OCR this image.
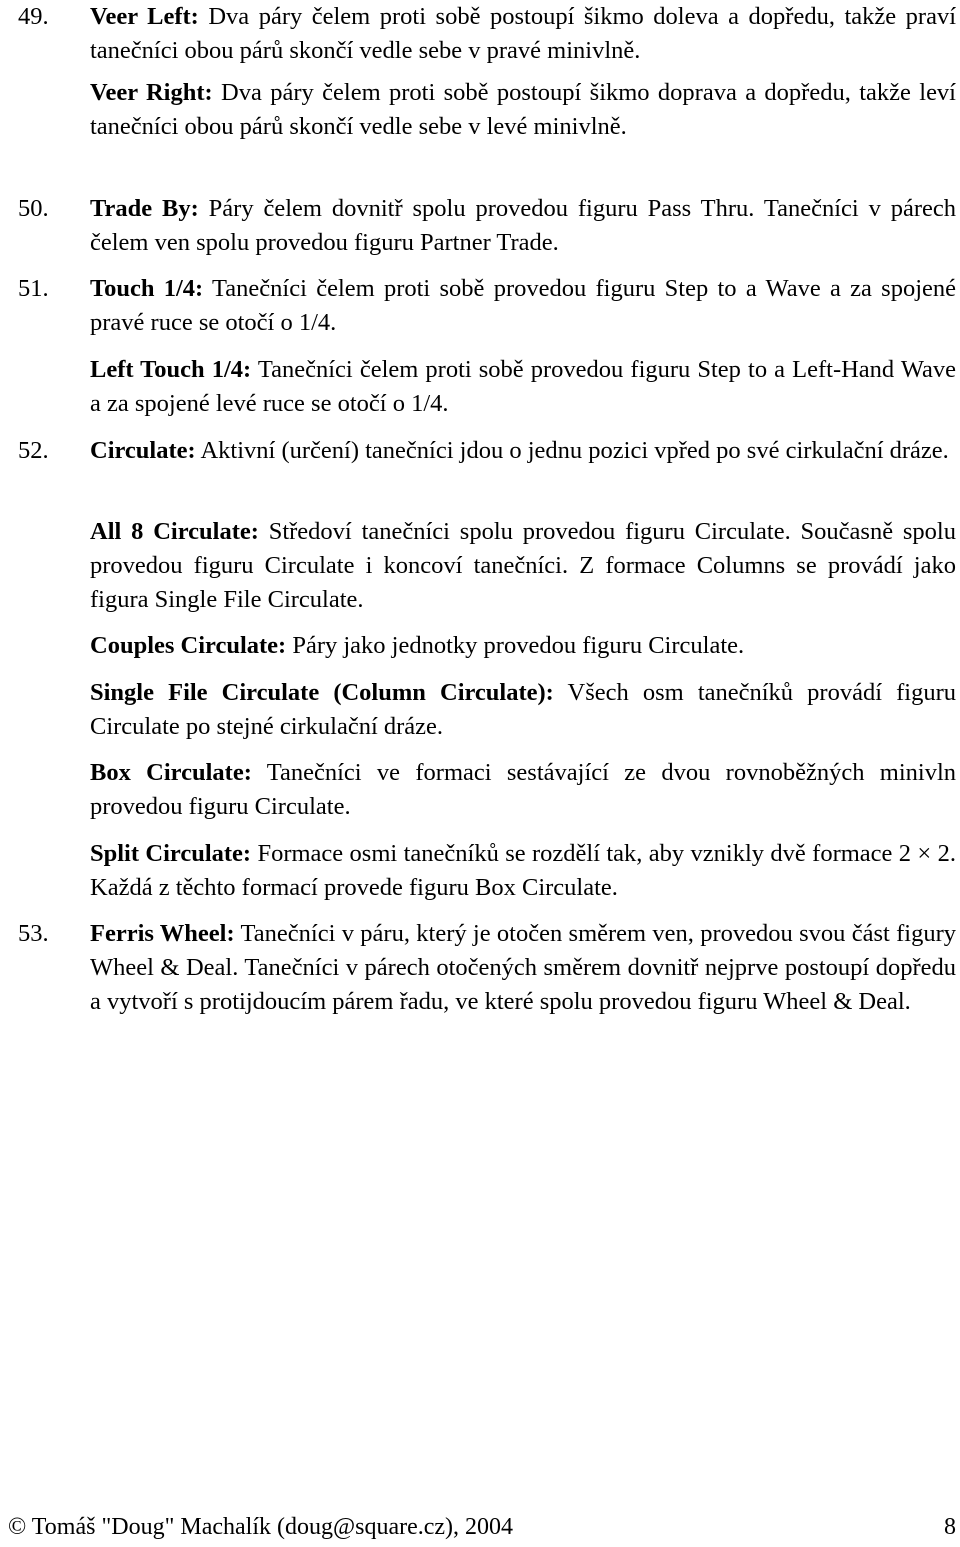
49. Veer Left: Dva páry čelem proti sobě postoupí šikmo doleva a dopředu, takže praví tanečníci obou párů skončí vedle sebe v pravé minivlně.
Veer Right: Dva páry čelem proti sobě postoupí šikmo doprava a dopředu, takže leví tanečníci obou párů skončí vedle sebe v levé minivlně.
50. Trade By: Páry čelem dovnitř spolu provedou figuru Pass Thru. Tanečníci v párech čelem ven spolu provedou figuru Partner Trade.
51. Touch 1/4: Tanečníci čelem proti sobě provedou figuru Step to a Wave a za spojené pravé ruce se otočí o 1/4.
Left Touch 1/4: Tanečníci čelem proti sobě provedou figuru Step to a Left-Hand Wave a za spojené levé ruce se otočí o 1/4.
52. Circulate: Aktivní (určení) tanečníci jdou o jednu pozici vpřed po své cirkulační dráze.
All 8 Circulate: Středoví tanečníci spolu provedou figuru Circulate. Současně spolu provedou figuru Circulate i koncoví tanečníci. Z formace Columns se provádí jako figura Single File Circulate.
Couples Circulate: Páry jako jednotky provedou figuru Circulate.
Single File Circulate (Column Circulate): Všech osm tanečníků provádí figuru Circulate po stejné cirkulační dráze.
Box Circulate: Tanečníci ve formaci sestávající ze dvou rovnoběžných minivln provedou figuru Circulate.
Split Circulate: Formace osmi tanečníků se rozdělí tak, aby vznikly dvě formace 2 × 2. Každá z těchto formací provede figuru Box Circulate.
53. Ferris Wheel: Tanečníci v páru, který je otočen směrem ven, provedou svou část figury Wheel & Deal. Tanečníci v párech otočených směrem dovnitř nejprve postoupí dopředu a vytvoří s protijdoucím párem řadu, ve které spolu provedou figuru Wheel & Deal.
© Tomáš "Doug" Machalík (doug@square.cz), 2004	8
